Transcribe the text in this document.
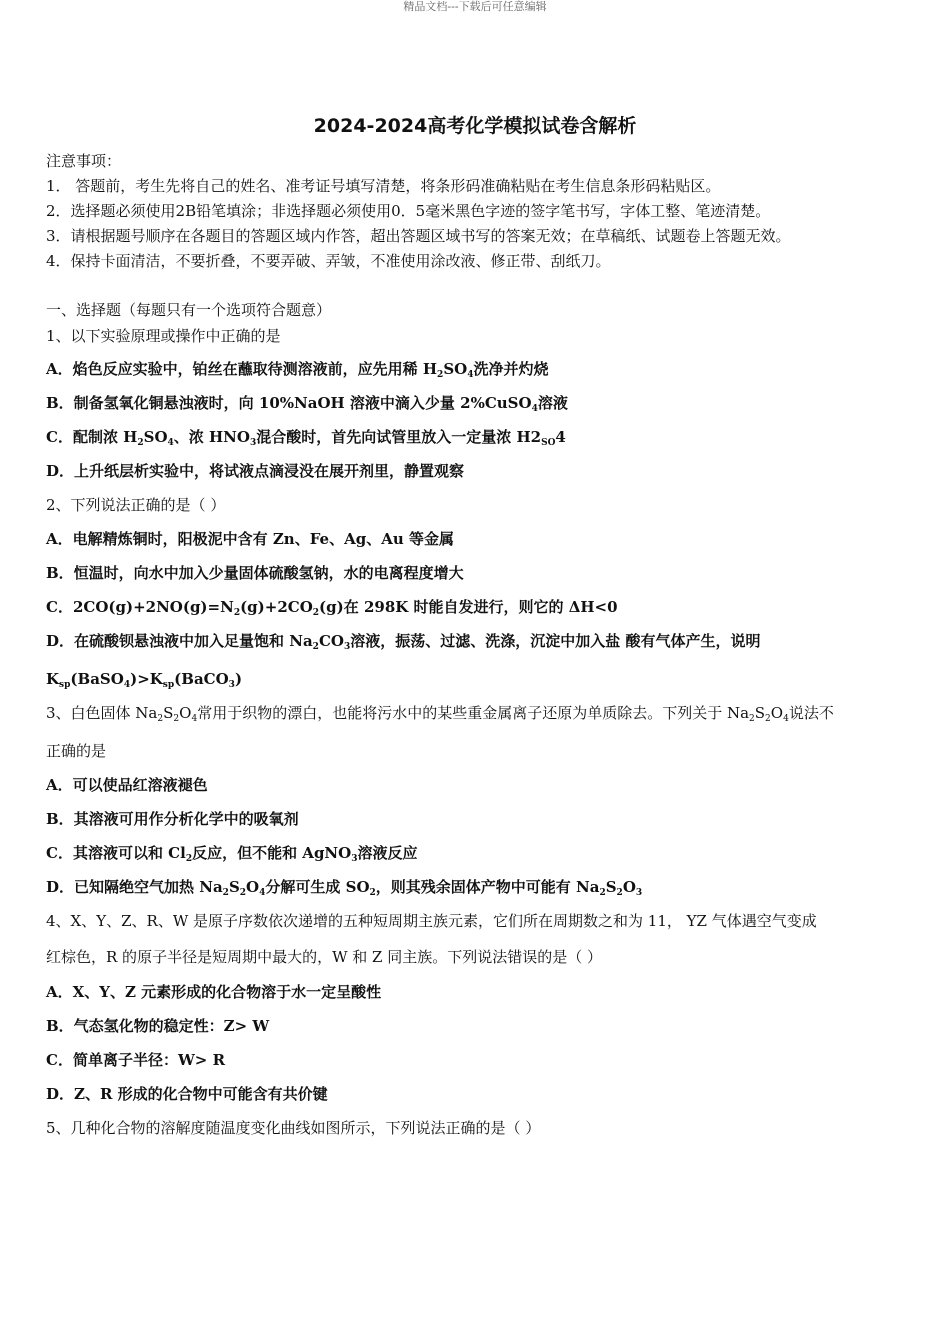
精品文档---下载后可任意编辑
2024-2024高考化学模拟试卷含解析
注意事项：
1． 答题前，考生先将自己的姓名、准考证号填写清楚，将条形码准确粘贴在考生信息条形码粘贴区。
2．选择题必须使用2B铅笔填涂；非选择题必须使用0．5毫米黑色字迹的签字笔书写，字体工整、笔迹清楚。
3．请根据题号顺序在各题目的答题区域内作答，超出答题区域书写的答案无效；在草稿纸、试题卷上答题无效。
4．保持卡面清洁，不要折叠，不要弄破、弄皱，不准使用涂改液、修正带、刮纸刀。
一、选择题（每题只有一个选项符合题意）
1、以下实验原理或操作中正确的是
A．焰色反应实验中，铂丝在蘸取待测溶液前，应先用稀 $H_2SO_4$洗净并灼烧
B．制备氢氧化铜悬浊液时，向 10%NaOH 溶液中滴入少量 2%CuSO$_4$溶液
C．配制浓 $H_2SO_4$、浓 $HNO_3$混合酸时，首先向试管里放入一定量浓 $H2_{SO}4$
D．上升纸层析实验中，将试液点滴浸没在展开剂里，静置观察
2、下列说法正确的是（ ）
A．电解精炼铜时，阳极泥中含有 Zn、Fe、Ag、Au 等金属
B．恒温时，向水中加入少量固体硫酸氢钠，水的电离程度增大
C．$2CO(g)+2NO(g)=N_2(g)+2CO_2(g)$在 298K 时能自发进行，则它的 ΔH<0
D．在硫酸钡悬浊液中加入足量饱和 $Na_2CO_3$溶液，振荡、过滤、洗涤，沉淀中加入盐 酸有气体产生，说明
$K_{sp}(BaSO_4)>K_{sp}(BaCO_3)$
3、白色固体 $Na_2S_2O_4$常用于织物的漂白，也能将污水中的某些重金属离子还原为单质除去。下列关于 $Na_2S_2O_4$说法不
正确的是
A．可以使品红溶液褪色
B．其溶液可用作分析化学中的吸氧剂
C．其溶液可以和 $Cl_2$反应，但不能和 AgNO$_3$溶液反应
D．已知隔绝空气加热 $Na_2S_2O_4$分解可生成 $SO_2$，则其残余固体产物中可能有 $Na_2S_2O_3$
4、X、Y、Z、R、W 是原子序数依次递增的五种短周期主族元素，它们所在周期数之和为 11， YZ 气体遇空气变成
红棕色，R 的原子半径是短周期中最大的，W 和 Z 同主族。下列说法错误的是（ ）
A．X、Y、Z 元素形成的化合物溶于水一定呈酸性
B．气态氢化物的稳定性：Z> W
C．简单离子半径：W> R
D．Z、R 形成的化合物中可能含有共价键
5、几种化合物的溶解度随温度变化曲线如图所示，下列说法正确的是（ ）
